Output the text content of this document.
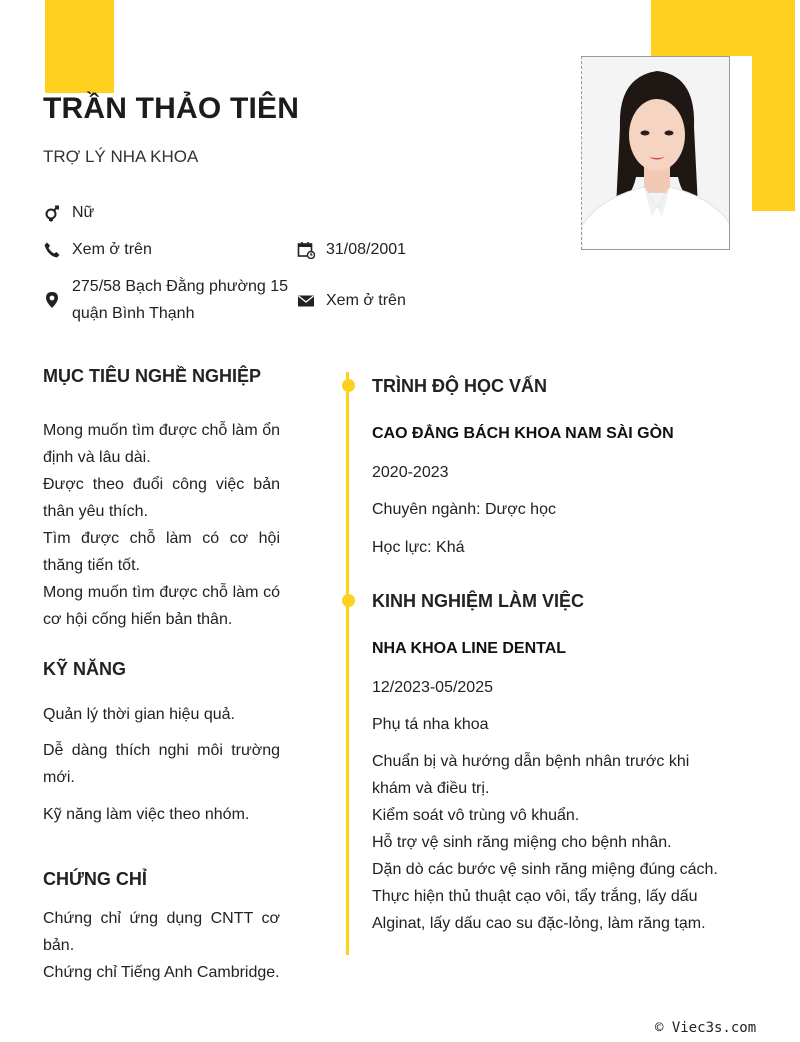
TRẦN THẢO TIÊN
TRỢ LÝ NHA KHOA
Nữ
Xem ở trên	31/08/2001
275/58 Bạch Đằng phường 15
quận Bình Thạnh
Xem ở trên
MỤC TIÊU NGHỀ NGHIỆP

Mong muốn tìm được chỗ làm ổn định và lâu dài.

Được theo đuổi công việc bản thân yêu thích.

Tìm được chỗ làm có cơ hội thăng tiến tốt.

Mong muốn tìm được chỗ làm có cơ hội cống hiến bản thân.

KỸ NĂNG
Quản lý thời gian hiệu quả.
Dễ dàng thích nghi môi trường mới.
Kỹ năng làm việc theo nhóm.
CHỨNG CHỈ

Chứng chỉ ứng dụng CNTT cơ bản.

Chứng chỉ Tiếng Anh Cambridge.

TRÌNH ĐỘ HỌC VẤN
CAO ĐẲNG BÁCH KHOA NAM SÀI GÒN
2020-2023
Chuyên ngành: Dược học
Học lực: Khá
KINH NGHIỆM LÀM VIỆC
NHA KHOA LINE DENTAL
12/2023-05/2025
Phụ tá nha khoa
Chuẩn bị và hướng dẫn bệnh nhân trước khi khám và điều trị.
Kiểm soát vô trùng vô khuẩn.
Hỗ trợ vệ sinh răng miệng cho bệnh nhân.
Dặn dò các bước vệ sinh răng miệng đúng cách.
Thực hiện thủ thuật cạo vôi, tẩy trắng, lấy dấu Alginat, lấy dấu cao su đặc-lỏng, làm răng tạm.
© Viec3s.com
